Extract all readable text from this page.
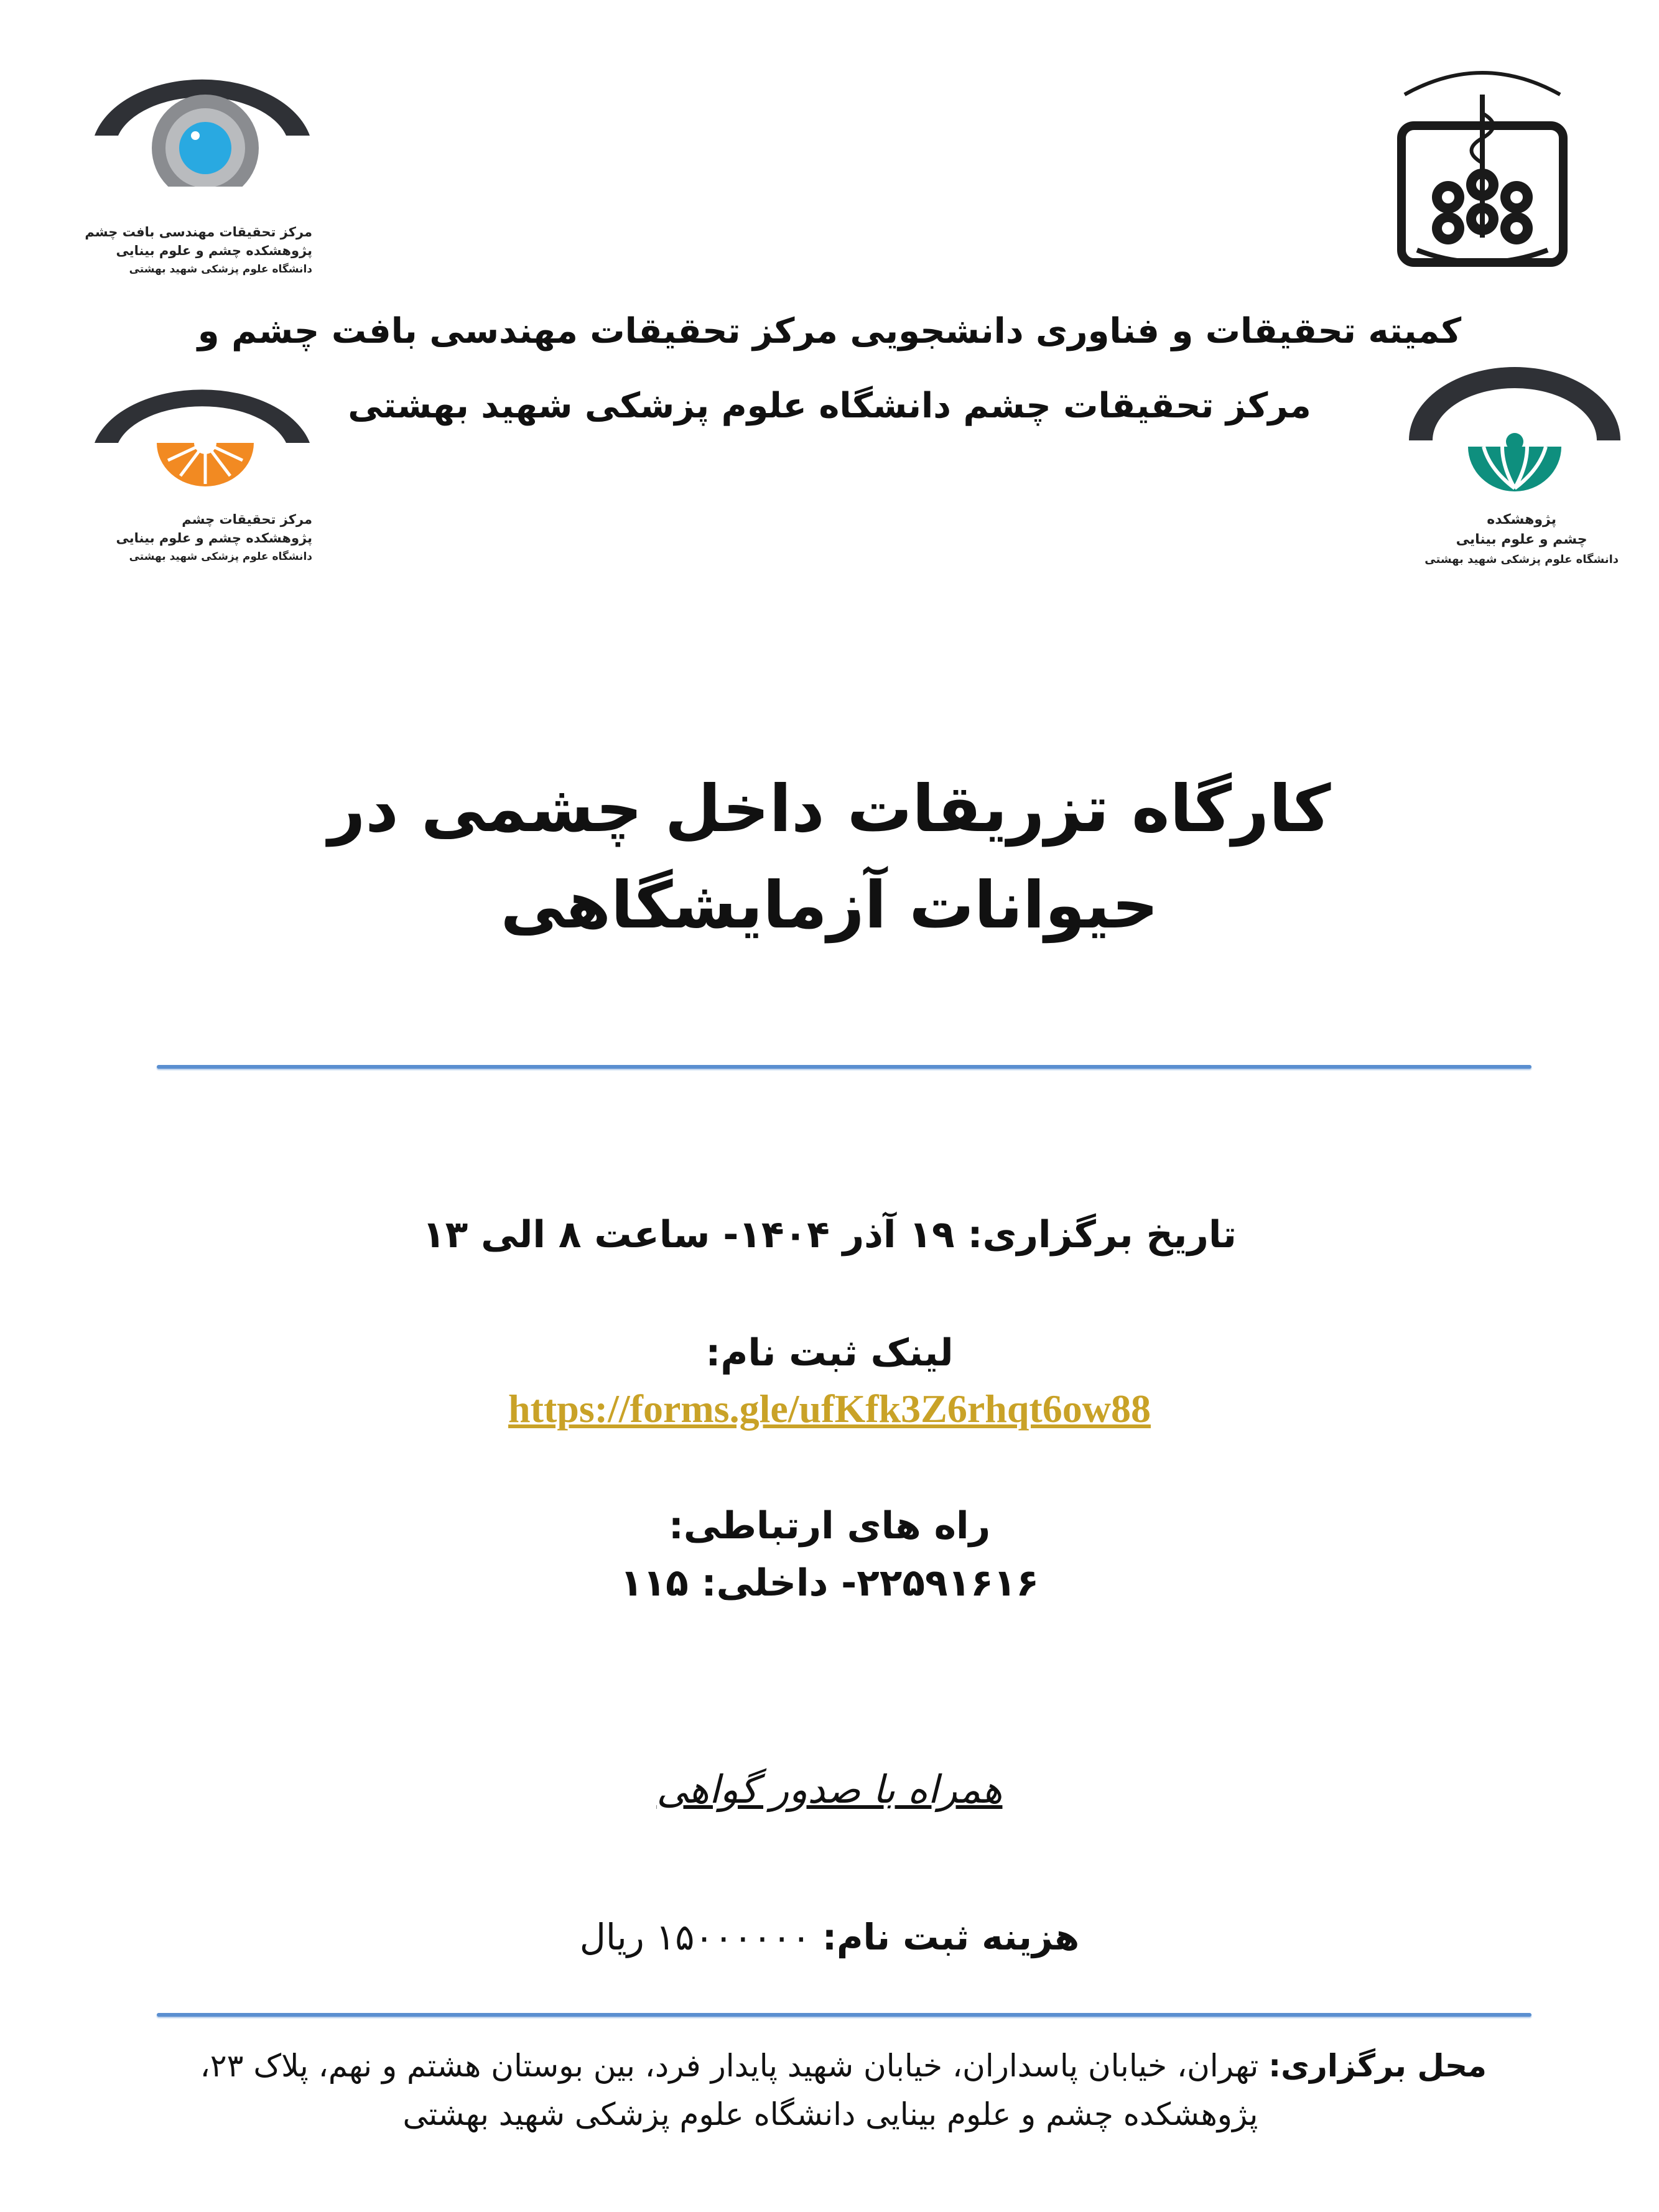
مرکز تحقیقات مهندسی بافت چشم
پژوهشکده چشم و علوم بینایی
دانشگاه علوم پزشکی شهید بهشتی
کمیته تحقیقات و فناوری دانشجویی مرکز تحقیقات مهندسی بافت چشم و
مرکز تحقیقات چشم دانشگاه علوم پزشکی شهید بهشتی
مرکز تحقیقات چشم
پژوهشکده چشم و علوم بینایی
دانشگاه علوم پزشکی شهید بهشتی
پژوهشکده
چشم و علوم بینایی
دانشگاه علوم پزشکی شهید بهشتی
کارگاه تزریقات داخل چشمی در
حیوانات آزمایشگاهی
تاریخ برگزاری: ۱۹ آذر ۱۴۰۴- ساعت ۸ الی ۱۳
لینک ثبت نام:
https://forms.gle/ufKfk3Z6rhqt6ow88
راه های ارتباطی:
۲۲۵۹۱۶۱۶- داخلی: ۱۱۵
همراه با صدور گواهی
هزینه ثبت نام: ۱۵۰۰۰۰۰۰ ریال
محل برگزاری: تهران، خیابان پاسداران، خیابان شهید پایدار فرد، بین بوستان هشتم و نهم، پلاک ۲۳،
پژوهشکده چشم و علوم بینایی دانشگاه علوم پزشکی شهید بهشتی
